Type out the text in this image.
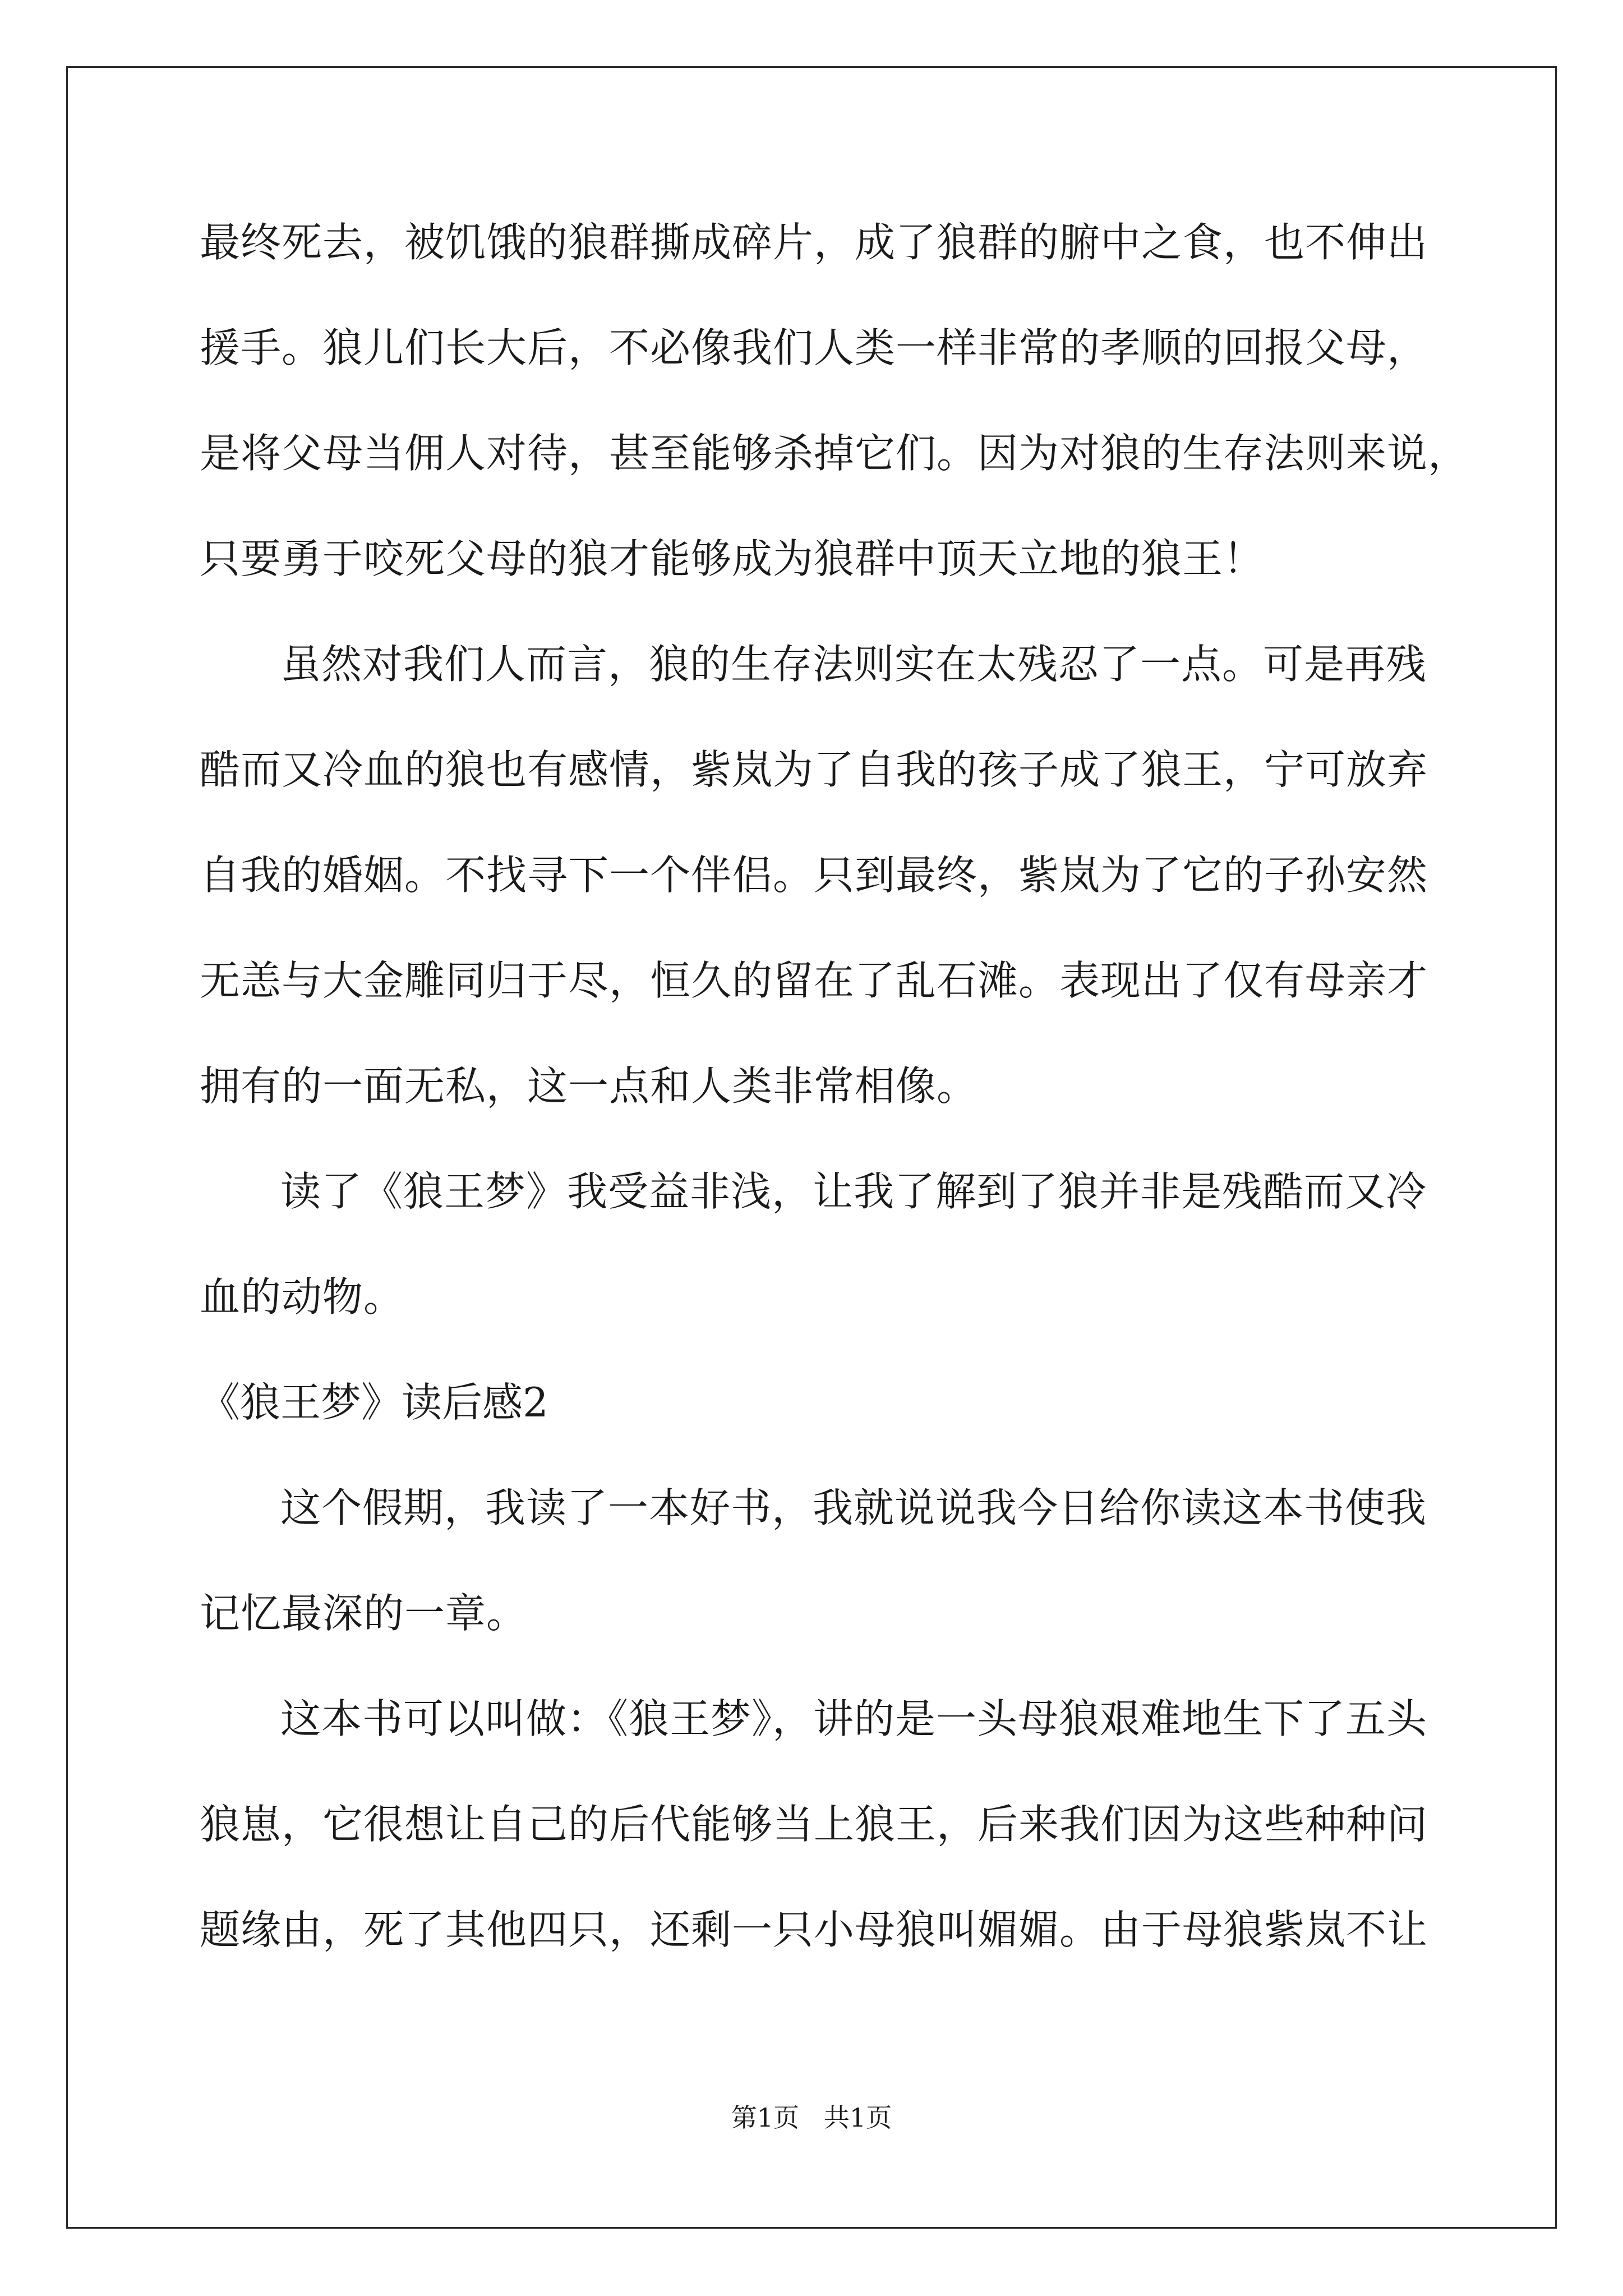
最终死去，被饥饿的狼群撕成碎片，成了狼群的腑中之食，也不伸出
援手。狼儿们长大后，不必像我们人类一样非常的孝顺的回报父母，
是将父母当佣人对待，甚至能够杀掉它们。因为对狼的生存法则来说，
只要勇于咬死父母的狼才能够成为狼群中顶天立地的狼王！
虽然对我们人而言，狼的生存法则实在太残忍了一点。可是再残
酷而又冷血的狼也有感情，紫岚为了自我的孩子成了狼王，宁可放弃
自我的婚姻。不找寻下一个伴侣。只到最终，紫岚为了它的子孙安然
无恙与大金雕同归于尽，恒久的留在了乱石滩。表现出了仅有母亲才
拥有的一面无私，这一点和人类非常相像。
读了《狼王梦》我受益非浅，让我了解到了狼并非是残酷而又冷
血的动物。
《狼王梦》读后感2
这个假期，我读了一本好书，我就说说我今日给你读这本书使我
记忆最深的一章。
这本书可以叫做：《狼王梦》，讲的是一头母狼艰难地生下了五头
狼崽，它很想让自己的后代能够当上狼王，后来我们因为这些种种问
题缘由，死了其他四只，还剩一只小母狼叫媚媚。由于母狼紫岚不让
第1页   共1页
